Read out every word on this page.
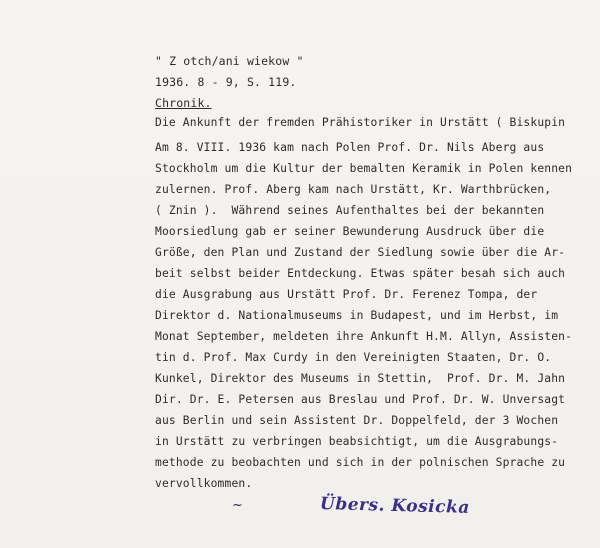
" Z otch/ani wiekow "
1936. 8 - 9, S. 119.
Chronik.
Die Ankunft der fremden Prähistoriker in Urstätt ( Biskupin
Am 8. VIII. 1936 kam nach Polen Prof. Dr. Nils Aberg aus
Stockholm um die Kultur der bemalten Keramik in Polen kennen
zulernen. Prof. Aberg kam nach Urstätt, Kr. Warthbrücken,
( Znin ).  Während seines Aufenthaltes bei der bekannten
Moorsiedlung gab er seiner Bewunderung Ausdruck über die
Größe, den Plan und Zustand der Siedlung sowie über die Ar-
beit selbst beider Entdeckung. Etwas später besah sich auch
die Ausgrabung aus Urstätt Prof. Dr. Ferenez Tompa, der
Direktor d. Nationalmuseums in Budapest, und im Herbst, im
Monat September, meldeten ihre Ankunft H.M. Allyn, Assisten-
tin d. Prof. Max Curdy in den Vereinigten Staaten, Dr. O.
Kunkel, Direktor des Museums in Stettin,  Prof. Dr. M. Jahn
Dir. Dr. E. Petersen aus Breslau und Prof. Dr. W. Unversagt
aus Berlin und sein Assistent Dr. Doppelfeld, der 3 Wochen
in Urstätt zu verbringen beabsichtigt, um die Ausgrabungs-
methode zu beobachten und sich in der polnischen Sprache zu
vervollkommen.
~	Übers. Kosicka
